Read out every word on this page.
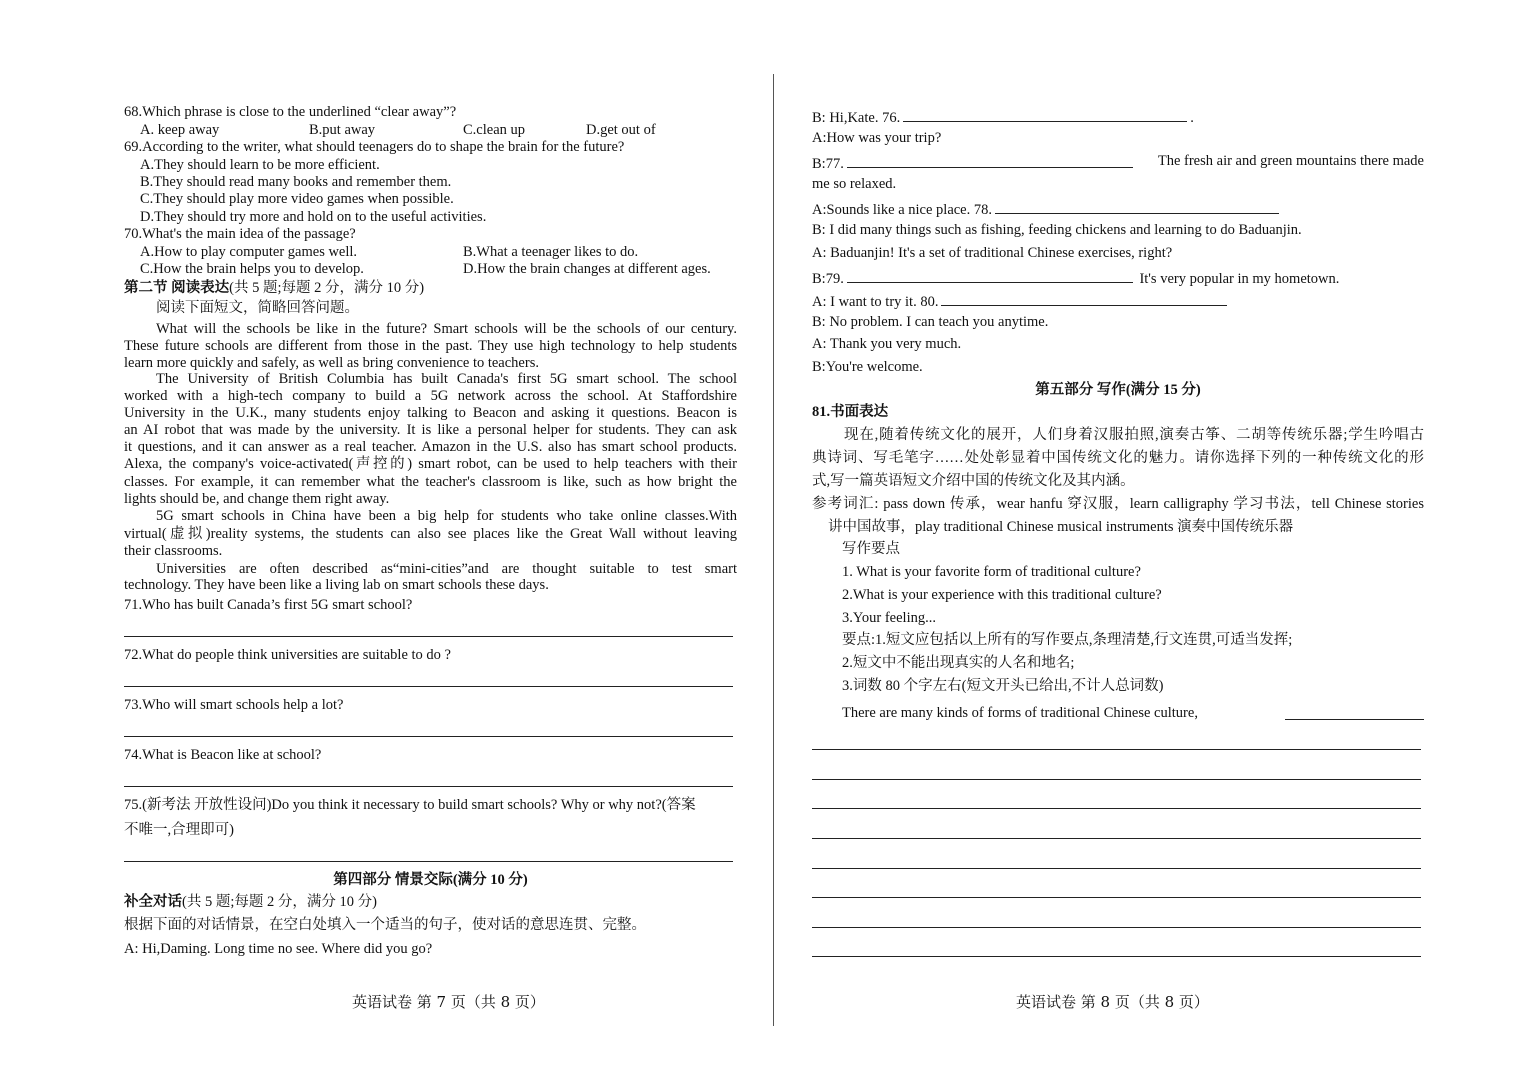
68.Which phrase is close to the underlined “clear away”?
A. keep away	B.put away	C.clean up	D.get out of
69.According to the writer, what should teenagers do to shape the brain for the future?
A.They should learn to be more efficient.
B.They should read many books and remember them.
C.They should play more video games when possible.
D.They should try more and hold on to the useful activities.
70.What's the main idea of the passage?
A.How to play computer games well.	B.What a teenager likes to do.
C.How the brain helps you to develop.	D.How the brain changes at different ages.
第二节 阅读表达(共 5 题;每题 2 分，满分 10 分)
阅读下面短文，简略回答问题。
What will the schools be like in the future? Smart schools will be the schools of our century.
These future schools are different from those in the past. They use high technology to help students
learn more quickly and safely, as well as bring convenience to teachers.
The University of British Columbia has built Canada's first 5G smart school. The school
worked with a high-tech company to build a 5G network across the school. At Staffordshire
University in the U.K., many students enjoy talking to Beacon and asking it questions. Beacon is
an AI robot that was made by the university. It is like a personal helper for students. They can ask
it questions, and it can answer as a real teacher. Amazon in the U.S. also has smart school products.
Alexa, the company's voice-activated(声控的) smart robot, can be used to help teachers with their
classes. For example, it can remember what the teacher's classroom is like, such as how bright the
lights should be, and change them right away.
5G smart schools in China have been a big help for students who take online classes.With
virtual(虚拟)reality systems, the students can also see places like the Great Wall without leaving
their classrooms.
Universities are often described as“mini-cities”and are thought suitable to test smart
technology. They have been like a living lab on smart schools these days.
71.Who has built Canada’s first 5G smart school?
72.What do people think universities are suitable to do ?
73.Who will smart schools help a lot?
74.What is Beacon like at school?
75.(新考法 开放性设问)Do you think it necessary to build smart schools? Why or why not?(答案
不唯一,合理即可)
第四部分 情景交际(满分 10 分)
补全对话(共 5 题;每题 2 分，满分 10 分)
根据下面的对话情景，在空白处填入一个适当的句子，使对话的意思连贯、完整。
A: Hi,Daming. Long time no see. Where did you go?
英语试卷 第 7 页（共 8 页）
B: Hi,Kate. 76.	.
A:How was your trip?
B:77.	The fresh air and green mountains there made
me so relaxed.
A:Sounds like a nice place. 78.
B: I did many things such as fishing, feeding chickens and learning to do Baduanjin.
A: Baduanjin! It's a set of traditional Chinese exercises, right?
B:79.	It's very popular in my hometown.
A: I want to try it. 80.
B: No problem. I can teach you anytime.
A: Thank you very much.
B:You're welcome.
第五部分 写作(满分 15 分)
81.书面表达
现在,随着传统文化的展开，人们身着汉服拍照,演奏古筝、二胡等传统乐器;学生吟唱古
典诗词、写毛笔字……处处彰显着中国传统文化的魅力。请你选择下列的一种传统文化的形
式,写一篇英语短文介绍中国的传统文化及其内涵。
参考词汇: pass down 传承，wear hanfu 穿汉服，learn calligraphy 学习书法，tell Chinese stories
讲中国故事，play traditional Chinese musical instruments 演奏中国传统乐器
写作要点
1. What is your favorite form of traditional culture?
2.What is your experience with this traditional culture?
3.Your feeling...
要点:1.短文应包括以上所有的写作要点,条理清楚,行文连贯,可适当发挥;
2.短文中不能出现真实的人名和地名;
3.词数 80 个字左右(短文开头已给出,不计人总词数)
There are many kinds of forms of traditional Chinese culture,
英语试卷 第 8 页（共 8 页）
